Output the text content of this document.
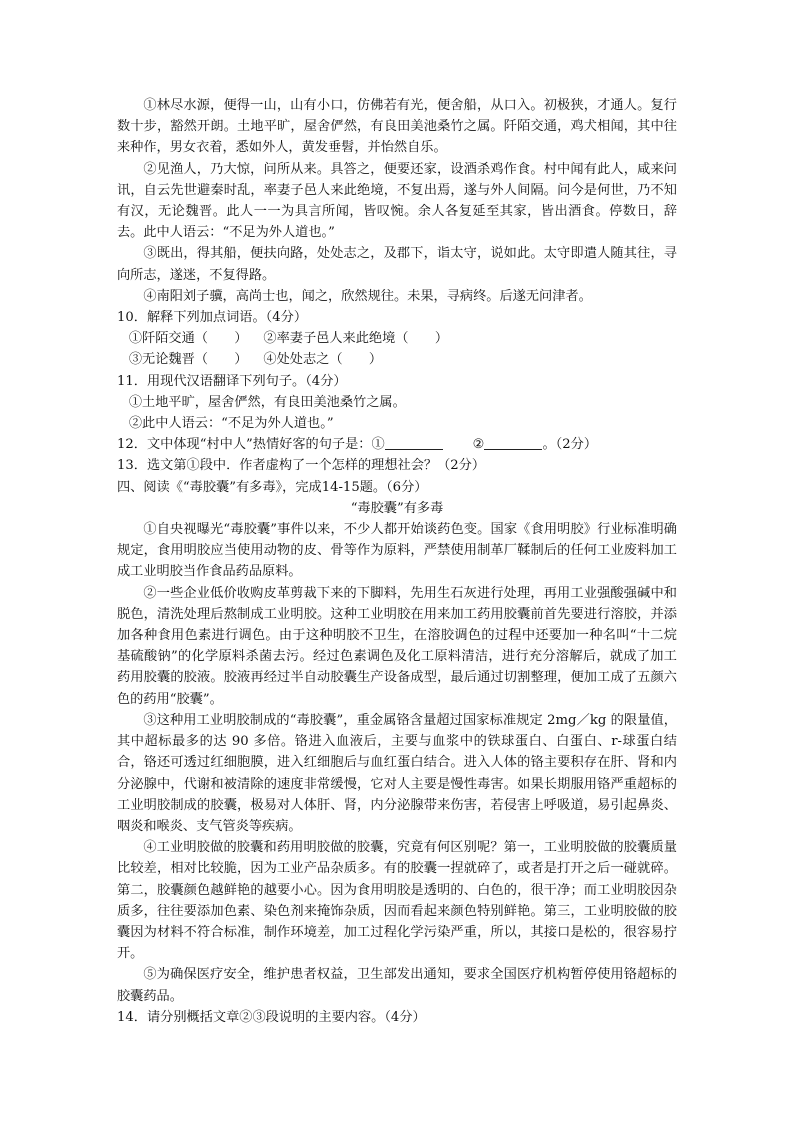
①林尽水源，便得一山，山有小口，仿佛若有光，便舍船，从口入。初极狭，才通人。复行数十步，豁然开朗。土地平旷，屋舍俨然，有良田美池桑竹之属。阡陌交通，鸡犬相闻，其中往来种作，男女衣着，悉如外人，黄发垂髫，并怡然自乐。

②见渔人，乃大惊，问所从来。具答之，便要还家，设酒杀鸡作食。村中闻有此人，咸来问讯，自云先世避秦时乱，率妻子邑人来此绝境，不复出焉，遂与外人间隔。问今是何世，乃不知有汉，无论魏晋。此人一一为具言所闻，皆叹惋。余人各复延至其家，皆出酒食。停数日，辞去。此中人语云：“不足为外人道也。”

③既出，得其船，便扶向路，处处志之，及郡下，诣太守，说如此。太守即遣人随其往，寻向所志，遂迷，不复得路。

④南阳刘子骥，高尚士也，闻之，欣然规往。未果，寻病终。后遂无问津者。

10．解释下列加点词语。（4分）

①阡陌交通（　　） ②率妻子邑人来此绝境（　　）

③无论魏晋（　　） ④处处志之（　　）

11．用现代汉语翻译下列句子。（4分）

①土地平旷，屋舍俨然，有良田美池桑竹之属。

②此中人语云：“不足为外人道也。”

12．文中体现“村中人”热情好客的句子是：①	②	。（2分）

13．选文第①段中．作者虚构了一个怎样的理想社会？（2分）

四、阅读《“毒胶囊”有多毒》，完成14-15题。（6分）

“毒胶囊”有多毒

①自央视曝光“毒胶囊”事件以来，不少人都开始谈药色变。国家《食用明胶》行业标准明确规定，食用明胶应当使用动物的皮、骨等作为原料，严禁使用制革厂鞣制后的任何工业废料加工成工业明胶当作食品药品原料。

②一些企业低价收购皮革剪裁下来的下脚料，先用生石灰进行处理，再用工业强酸强碱中和脱色，清洗处理后熬制成工业明胶。这种工业明胶在用来加工药用胶囊前首先要进行溶胶，并添加各种食用色素进行调色。由于这种明胶不卫生，在溶胶调色的过程中还要加一种名叫“十二烷基硫酸钠”的化学原料杀菌去污。经过色素调色及化工原料清洁，进行充分溶解后，就成了加工药用胶囊的胶液。胶液再经过半自动胶囊生产设备成型，最后通过切割整理，便加工成了五颜六色的药用“胶囊”。

③这种用工业明胶制成的“毒胶囊”，重金属铬含量超过国家标准规定 2mg／kg 的限量值，其中超标最多的达 90 多倍。铬进入血液后，主要与血浆中的铁球蛋白、白蛋白、r-球蛋白结合，铬还可透过红细胞膜，进入红细胞后与血红蛋白结合。进入人体的铬主要积存在肝、肾和内分泌腺中，代谢和被清除的速度非常缓慢，它对人主要是慢性毒害。如果长期服用铬严重超标的工业明胶制成的胶囊，极易对人体肝、肾，内分泌腺带来伤害，若侵害上呼吸道，易引起鼻炎、咽炎和喉炎、支气管炎等疾病。

④工业明胶做的胶囊和药用明胶做的胶囊，究竟有何区别呢？第一，工业明胶做的胶囊质量比较差，相对比较脆，因为工业产品杂质多。有的胶囊一捏就碎了，或者是打开之后一碰就碎。第二，胶囊颜色越鲜艳的越要小心。因为食用明胶是透明的、白色的，很干净；而工业明胶因杂质多，往往要添加色素、染色剂来掩饰杂质，因而看起来颜色特别鲜艳。第三，工业明胶做的胶囊因为材料不符合标准，制作环境差，加工过程化学污染严重，所以，其接口是松的，很容易拧开。

⑤为确保医疗安全，维护患者权益，卫生部发出通知，要求全国医疗机构暂停使用铬超标的胶囊药品。

14．请分别概括文章②③段说明的主要内容。（4分）
